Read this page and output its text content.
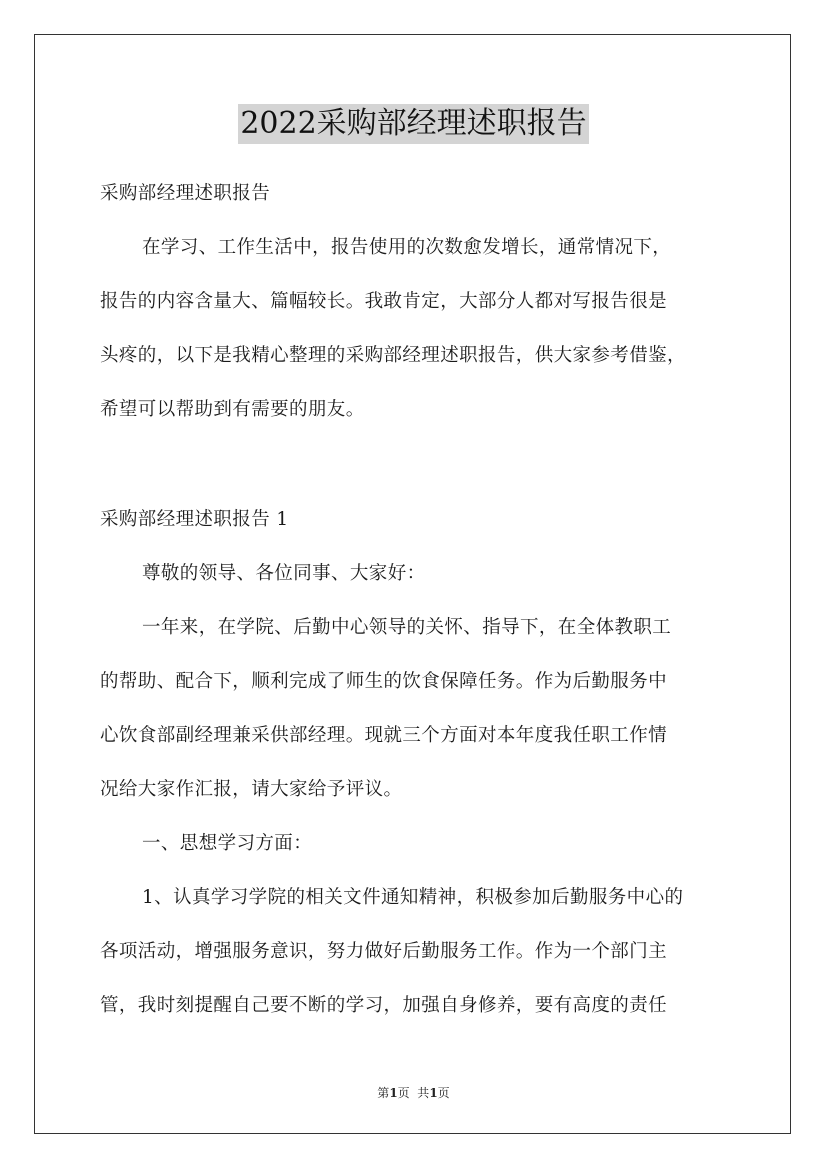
2022采购部经理述职报告
采购部经理述职报告
在学习、工作生活中，报告使用的次数愈发增长，通常情况下，
报告的内容含量大、篇幅较长。我敢肯定，大部分人都对写报告很是
头疼的，以下是我精心整理的采购部经理述职报告，供大家参考借鉴，
希望可以帮助到有需要的朋友。
采购部经理述职报告 1
尊敬的领导、各位同事、大家好：
一年来，在学院、后勤中心领导的关怀、指导下，在全体教职工
的帮助、配合下，顺利完成了师生的饮食保障任务。作为后勤服务中
心饮食部副经理兼采供部经理。现就三个方面对本年度我任职工作情
况给大家作汇报，请大家给予评议。
一、思想学习方面：
1、认真学习学院的相关文件通知精神，积极参加后勤服务中心的
各项活动，增强服务意识，努力做好后勤服务工作。作为一个部门主
管，我时刻提醒自己要不断的学习，加强自身修养，要有高度的责任
第1页  共1页
